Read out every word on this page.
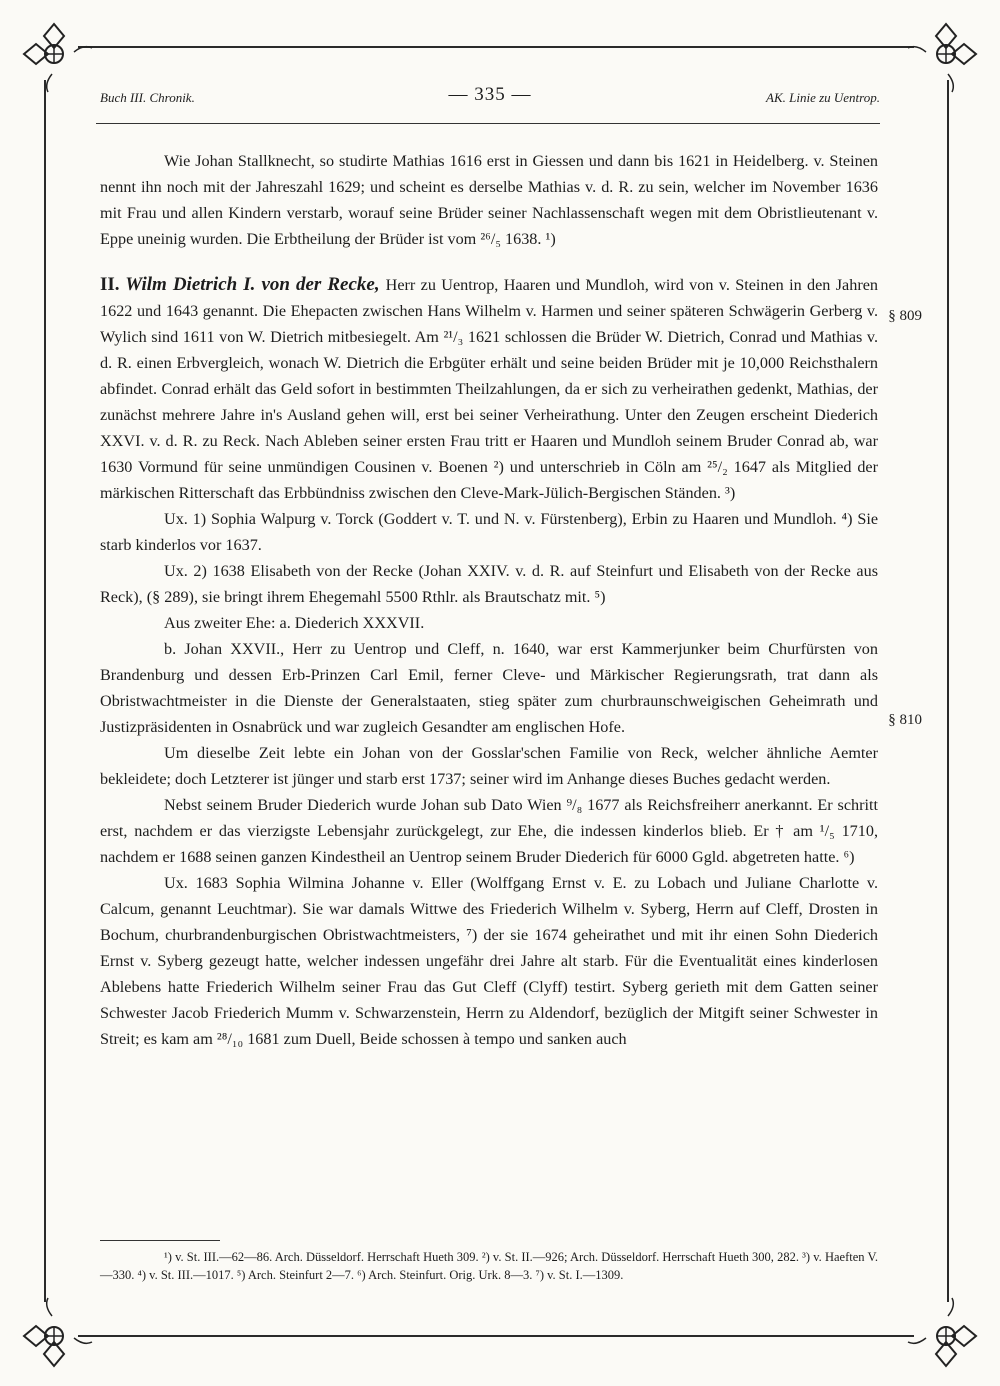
Buch III. Chronik.	— 335 —	AK. Linie zu Uentrop.
§ 809
§ 810

Wie Johan Stallknecht, so studirte Mathias 1616 erst in Giessen und dann bis 1621 in Heidelberg. v. Steinen nennt ihn noch mit der Jahreszahl 1629; und scheint es derselbe Mathias v. d. R. zu sein, welcher im November 1636 mit Frau und allen Kindern verstarb, worauf seine Brüder seiner Nachlassenschaft wegen mit dem Obristlieutenant v. Eppe uneinig wurden. Die Erbtheilung der Brüder ist vom ²⁶/₅ 1638. ¹)

II. Wilm Dietrich I. von der Recke, Herr zu Uentrop, Haaren und Mundloh, wird von v. Steinen in den Jahren 1622 und 1643 genannt. Die Ehepacten zwischen Hans Wilhelm v. Harmen und seiner späteren Schwägerin Gerberg v. Wylich sind 1611 von W. Dietrich mitbesiegelt. Am ²¹/₃ 1621 schlossen die Brüder W. Dietrich, Conrad und Mathias v. d. R. einen Erbvergleich, wonach W. Dietrich die Erbgüter erhält und seine beiden Brüder mit je 10,000 Reichsthalern abfindet. Conrad erhält das Geld sofort in bestimmten Theilzahlungen, da er sich zu verheirathen gedenkt, Mathias, der zunächst mehrere Jahre in's Ausland gehen will, erst bei seiner Verheirathung. Unter den Zeugen erscheint Diederich XXVI. v. d. R. zu Reck. Nach Ableben seiner ersten Frau tritt er Haaren und Mundloh seinem Bruder Conrad ab, war 1630 Vormund für seine unmündigen Cousinen v. Boenen ²) und unterschrieb in Cöln am ²⁵/₂ 1647 als Mitglied der märkischen Ritterschaft das Erbbündniss zwischen den Cleve-Mark-Jülich-Bergischen Ständen. ³)

Ux. 1) Sophia Walpurg v. Torck (Goddert v. T. und N. v. Fürstenberg), Erbin zu Haaren und Mundloh. ⁴) Sie starb kinderlos vor 1637.

Ux. 2) 1638 Elisabeth von der Recke (Johan XXIV. v. d. R. auf Steinfurt und Elisabeth von der Recke aus Reck), (§ 289), sie bringt ihrem Ehegemahl 5500 Rthlr. als Brautschatz mit. ⁵)

Aus zweiter Ehe: a. Diederich XXXVII.

b. Johan XXVII., Herr zu Uentrop und Cleff, n. 1640, war erst Kammerjunker beim Churfürsten von Brandenburg und dessen Erb-Prinzen Carl Emil, ferner Cleve- und Märkischer Regierungsrath, trat dann als Obristwachtmeister in die Dienste der Generalstaaten, stieg später zum churbraunschweigischen Geheimrath und Justizpräsidenten in Osnabrück und war zugleich Gesandter am englischen Hofe.

Um dieselbe Zeit lebte ein Johan von der Gosslar'schen Familie von Reck, welcher ähnliche Aemter bekleidete; doch Letzterer ist jünger und starb erst 1737; seiner wird im Anhange dieses Buches gedacht werden.

Nebst seinem Bruder Diederich wurde Johan sub Dato Wien ⁹/₈ 1677 als Reichsfreiherr anerkannt. Er schritt erst, nachdem er das vierzigste Lebensjahr zurückgelegt, zur Ehe, die indessen kinderlos blieb. Er † am ¹/₅ 1710, nachdem er 1688 seinen ganzen Kindestheil an Uentrop seinem Bruder Diederich für 6000 Ggld. abgetreten hatte. ⁶)

Ux. 1683 Sophia Wilmina Johanne v. Eller (Wolffgang Ernst v. E. zu Lobach und Juliane Charlotte v. Calcum, genannt Leuchtmar). Sie war damals Wittwe des Friederich Wilhelm v. Syberg, Herrn auf Cleff, Drosten in Bochum, churbrandenburgischen Obristwachtmeisters, ⁷) der sie 1674 geheirathet und mit ihr einen Sohn Diederich Ernst v. Syberg gezeugt hatte, welcher indessen ungefähr drei Jahre alt starb. Für die Eventualität eines kinderlosen Ablebens hatte Friederich Wilhelm seiner Frau das Gut Cleff (Clyff) testirt. Syberg gerieth mit dem Gatten seiner Schwester Jacob Friederich Mumm v. Schwarzenstein, Herrn zu Aldendorf, bezüglich der Mitgift seiner Schwester in Streit; es kam am ²⁸/₁₀ 1681 zum Duell, Beide schossen à tempo und sanken auch

¹) v. St. III.—62—86. Arch. Düsseldorf. Herrschaft Hueth 309. ²) v. St. II.—926; Arch. Düsseldorf. Herrschaft Hueth 300, 282. ³) v. Haeften V.—330. ⁴) v. St. III.—1017. ⁵) Arch. Steinfurt 2—7. ⁶) Arch. Steinfurt. Orig. Urk. 8—3. ⁷) v. St. I.—1309.
